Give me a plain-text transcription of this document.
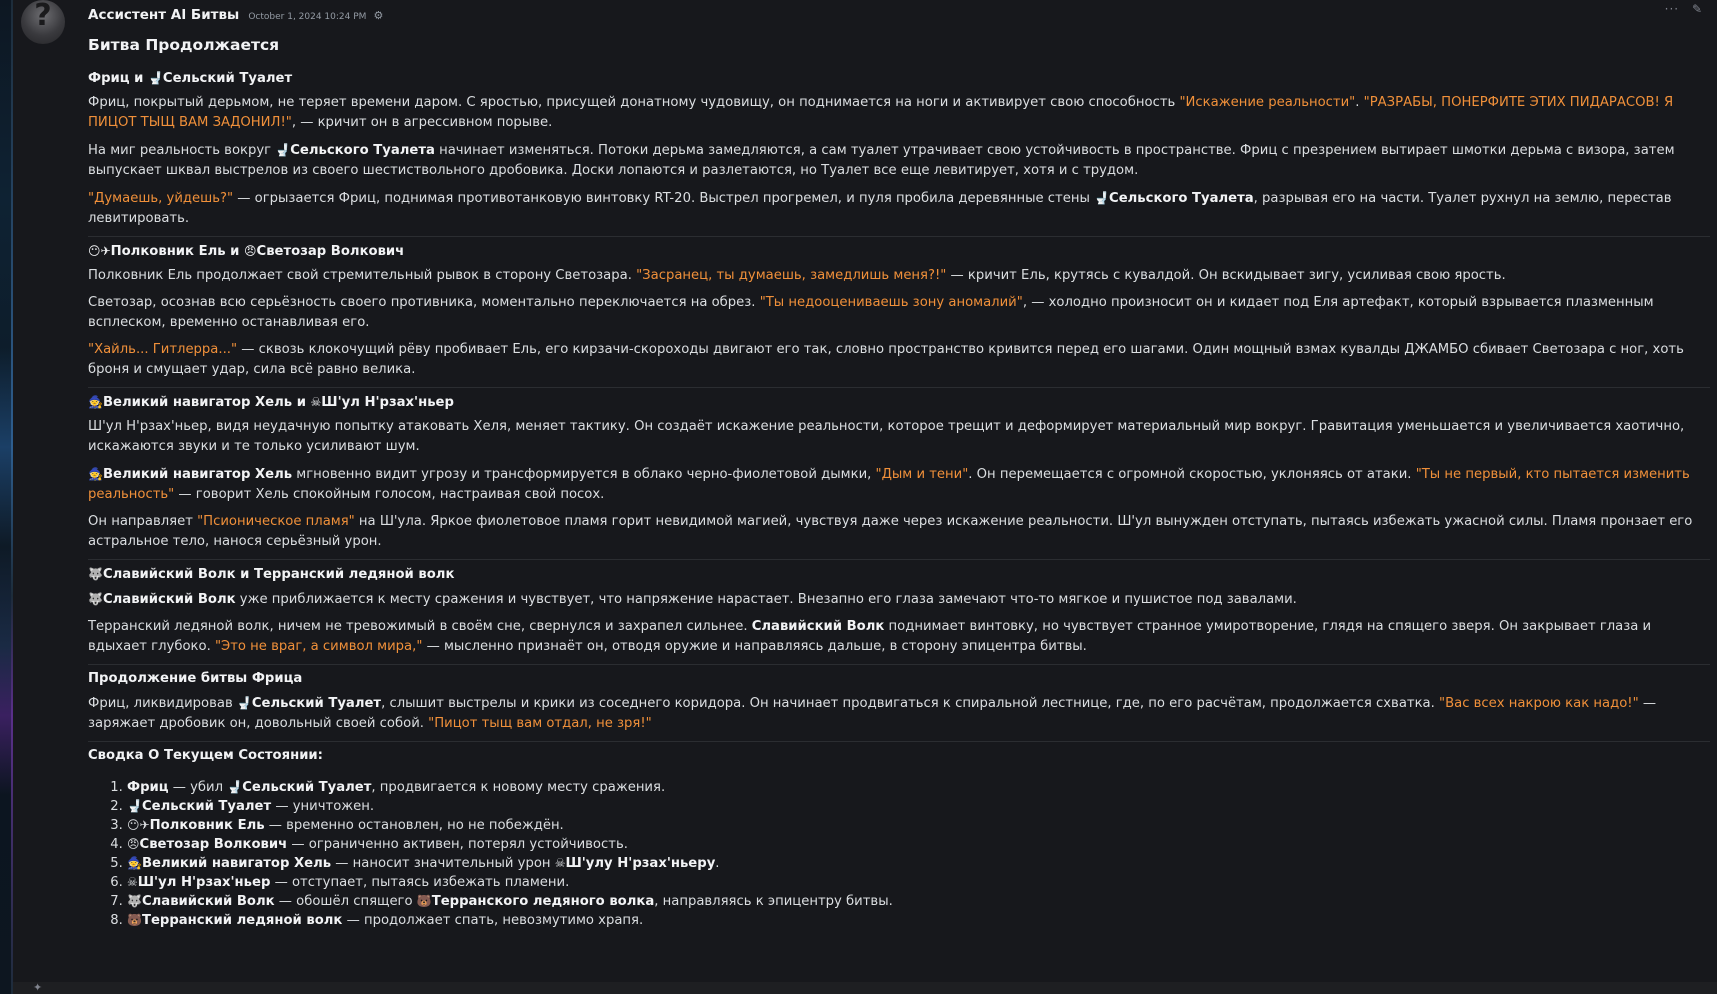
?	Ассистент AI Битвы October 1, 2024 10:24 PM ⚙	··· ✎
Битва Продолжается
Фриц и 🚽Сельский Туалет

Фриц, покрытый дерьмом, не теряет времени даром. С яростью, присущей донатному чудовищу, он поднимается на ноги и активирует свою способность "Искажение реальности". "РАЗРАБЫ, ПОНЕРФИТЕ ЭТИХ ПИДАРАСОВ! Я ПИЦОТ ТЫЩ ВАМ ЗАДОНИЛ!", — кричит он в агрессивном порыве.

На миг реальность вокруг 🚽Сельского Туалета начинает изменяться. Потоки дерьма замедляются, а сам туалет утрачивает свою устойчивость в пространстве. Фриц с презрением вытирает шмотки дерьма с визора, затем выпускает шквал выстрелов из своего шестиствольного дробовика. Доски лопаются и разлетаются, но Туалет все еще левитирует, хотя и с трудом.

"Думаешь, уйдешь?" — огрызается Фриц, поднимая противотанковую винтовку RT-20. Выстрел прогремел, и пуля пробила деревянные стены 🚽Сельского Туалета, разрывая его на части. Туалет рухнул на землю, перестав левитировать.

😶✈Полковник Ель и 😠Светозар Волкович

Полковник Ель продолжает свой стремительный рывок в сторону Светозара. "Засранец, ты думаешь, замедлишь меня?!" — кричит Ель, крутясь с кувалдой. Он вскидывает зигу, усиливая свою ярость.

Светозар, осознав всю серьёзность своего противника, моментально переключается на обрез. "Ты недооцениваешь зону аномалий", — холодно произносит он и кидает под Еля артефакт, который взрывается плазменным всплеском, временно останавливая его.

"Хайль... Гитлерра..." — сквозь клокочущий рёву пробивает Ель, его кирзачи-скороходы двигают его так, словно пространство кривится перед его шагами. Один мощный взмах кувалды ДЖАМБО сбивает Светозара с ног, хоть броня и смущает удар, сила всё равно велика.

🧙Великий навигатор Хель и ☠Ш'ул Н'рзах'ньер

Ш'ул Н'рзах'ньер, видя неудачную попытку атаковать Хеля, меняет тактику. Он создаёт искажение реальности, которое трещит и деформирует материальный мир вокруг. Гравитация уменьшается и увеличивается хаотично, искажаются звуки и те только усиливают шум.

🧙Великий навигатор Хель мгновенно видит угрозу и трансформируется в облако черно-фиолетовой дымки, "Дым и тени". Он перемещается с огромной скоростью, уклоняясь от атаки. "Ты не первый, кто пытается изменить реальность" — говорит Хель спокойным голосом, настраивая свой посох.

Он направляет "Псионическое пламя" на Ш'ула. Яркое фиолетовое пламя горит невидимой магией, чувствуя даже через искажение реальности. Ш'ул вынужден отступать, пытаясь избежать ужасной силы. Пламя пронзает его астральное тело, нанося серьёзный урон.

🐺Славийский Волк и Терранский ледяной волк

🐺Славийский Волк уже приближается к месту сражения и чувствует, что напряжение нарастает. Внезапно его глаза замечают что-то мягкое и пушистое под завалами.

Терранский ледяной волк, ничем не тревожимый в своём сне, свернулся и захрапел сильнее. Славийский Волк поднимает винтовку, но чувствует странное умиротворение, глядя на спящего зверя. Он закрывает глаза и вдыхает глубоко. "Это не враг, а символ мира," — мысленно признаёт он, отводя оружие и направляясь дальше, в сторону эпицентра битвы.

Продолжение битвы Фрица

Фриц, ликвидировав 🚽Сельский Туалет, слышит выстрелы и крики из соседнего коридора. Он начинает продвигаться к спиральной лестнице, где, по его расчётам, продолжается схватка. "Вас всех накрою как надо!" — заряжает дробовик он, довольный своей собой. "Пицот тыщ вам отдал, не зря!"

Сводка О Текущем Состоянии:
1. Фриц — убил 🚽Сельский Туалет, продвигается к новому месту сражения.
2. 🚽Сельский Туалет — уничтожен.
3. 😶✈Полковник Ель — временно остановлен, но не побеждён.
4. 😠Светозар Волкович — ограниченно активен, потерял устойчивость.
5. 🧙Великий навигатор Хель — наносит значительный урон ☠Ш'улу Н'рзах'ньеру.
6. ☠Ш'ул Н'рзах'ньер — отступает, пытаясь избежать пламени.
7. 🐺Славийский Волк — обошёл спящего 🐻Терранского ледяного волка, направляясь к эпицентру битвы.
8. 🐻Терранский ледяной волк — продолжает спать, невозмутимо храпя.
✦
